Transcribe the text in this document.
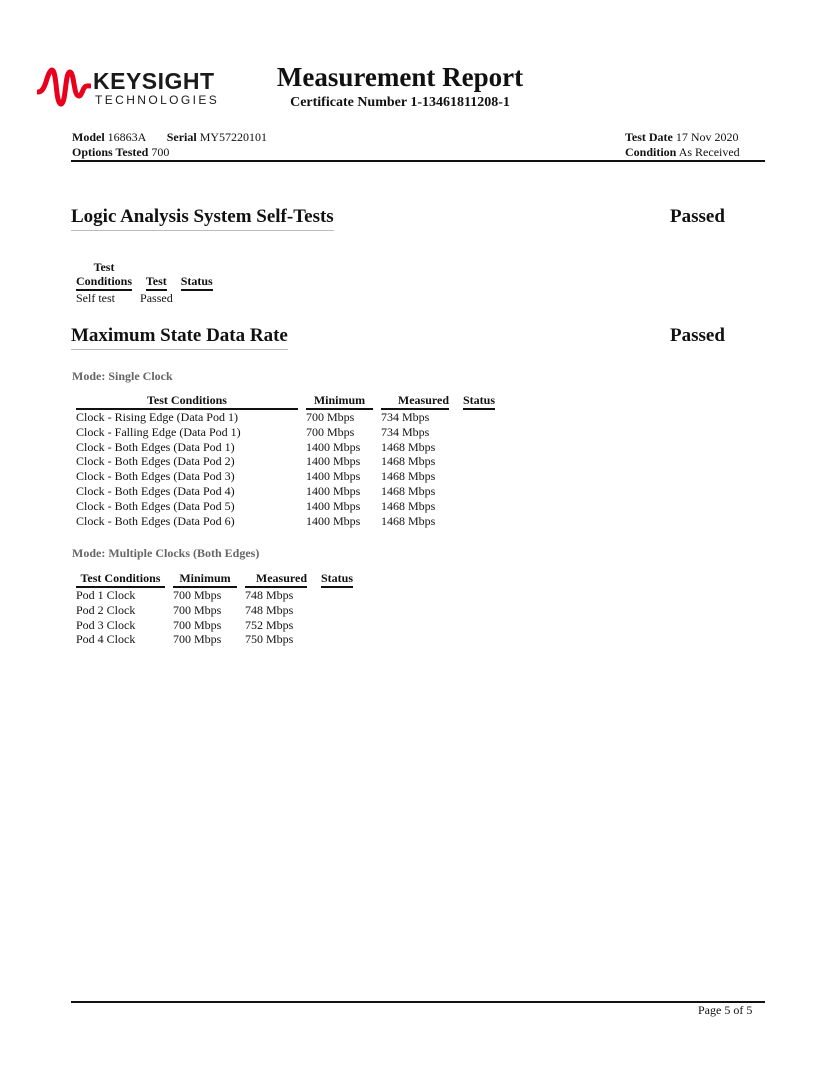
KEYSIGHT
TECHNOLOGIES
Measurement Report
Certificate Number 1-13461811208-1
Model 16863A Serial MY57220101
Options Tested 700
Test Date 17 Nov 2020
Condition As Received
Logic Analysis System Self-Tests	Passed
Test
Conditions	Test	Status
Self test	Passed	
Maximum State Data Rate	Passed
Mode: Single Clock
Test Conditions	Minimum	Measured	Status
Clock - Rising Edge (Data Pod 1)	700 Mbps	734 Mbps	
Clock - Falling Edge (Data Pod 1)	700 Mbps	734 Mbps	
Clock - Both Edges (Data Pod 1)	1400 Mbps	1468 Mbps	
Clock - Both Edges (Data Pod 2)	1400 Mbps	1468 Mbps	
Clock - Both Edges (Data Pod 3)	1400 Mbps	1468 Mbps	
Clock - Both Edges (Data Pod 4)	1400 Mbps	1468 Mbps	
Clock - Both Edges (Data Pod 5)	1400 Mbps	1468 Mbps	
Clock - Both Edges (Data Pod 6)	1400 Mbps	1468 Mbps	
Mode: Multiple Clocks (Both Edges)
Test Conditions	Minimum	Measured	Status
Pod 1 Clock	700 Mbps	748 Mbps	
Pod 2 Clock	700 Mbps	748 Mbps	
Pod 3 Clock	700 Mbps	752 Mbps	
Pod 4 Clock	700 Mbps	750 Mbps	
Page 5 of 5
